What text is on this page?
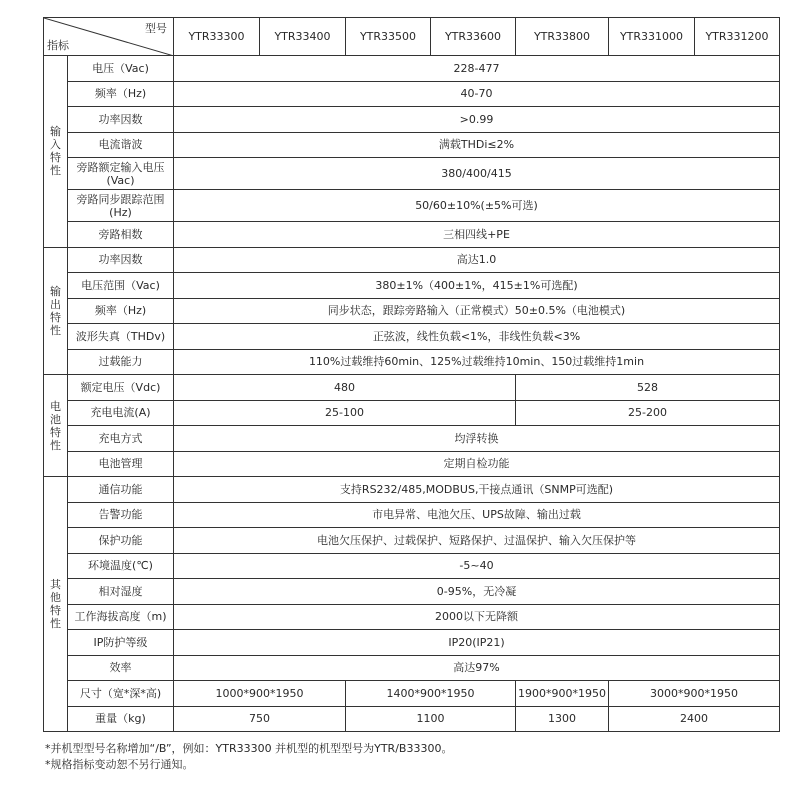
型号
指标		YTR33300	YTR33400	YTR33500	YTR33600	YTR33800	YTR331000	YTR331200

输
入
特
性	电压（Vac)	228-477						
	频率（Hz)	40-70						
	功率因数	>0.99						
	电流谐波	满载THDi≤2%						
	旁路额定输入电压(Vac)	380/400/415						
	旁路同步跟踪范围(Hz)	50/60±10%(±5%可选)						
	旁路相数	三相四线+PE						

输
出
特
性	功率因数	高达1.0						
	电压范围（Vac)	380±1%（400±1%，415±1%可选配)						
	频率（Hz)	同步状态，跟踪旁路输入（正常模式）50±0.5%（电池模式)						
	波形失真（THDv)	正弦波，线性负载<1%，非线性负载<3%						
	过载能力	110%过载维持60min、125%过载维持10min、150过载维持1min						

电
池
特
性	额定电压（Vdc)	480				528		
	充电电流(A)	25-100				25-200		
	充电方式	均浮转换						
	电池管理	定期自检功能						

其
他
特
性	通信功能	支持RS232/485,MODBUS,干接点通讯（SNMP可选配)						
	告警功能	市电异常、电池欠压、UPS故障、输出过载						
	保护功能	电池欠压保护、过载保护、短路保护、过温保护、输入欠压保护等						
	环境温度(℃)	-5~40						
	相对湿度	0-95%，无冷凝						
	工作海拔高度（m)	2000以下无降额						
	IP防护等级	IP20(IP21)						
	效率	高达97%						
	尺寸（宽*深*高)	1000*900*1950		1400*900*1950		1900*900*1950	3000*900*1950	
	重量（kg)	750		1100		1300	2400	
*并机型型号名称增加“/B”，例如：YTR33300 并机型的机型型号为YTR/B33300。
*规格指标变动恕不另行通知。
